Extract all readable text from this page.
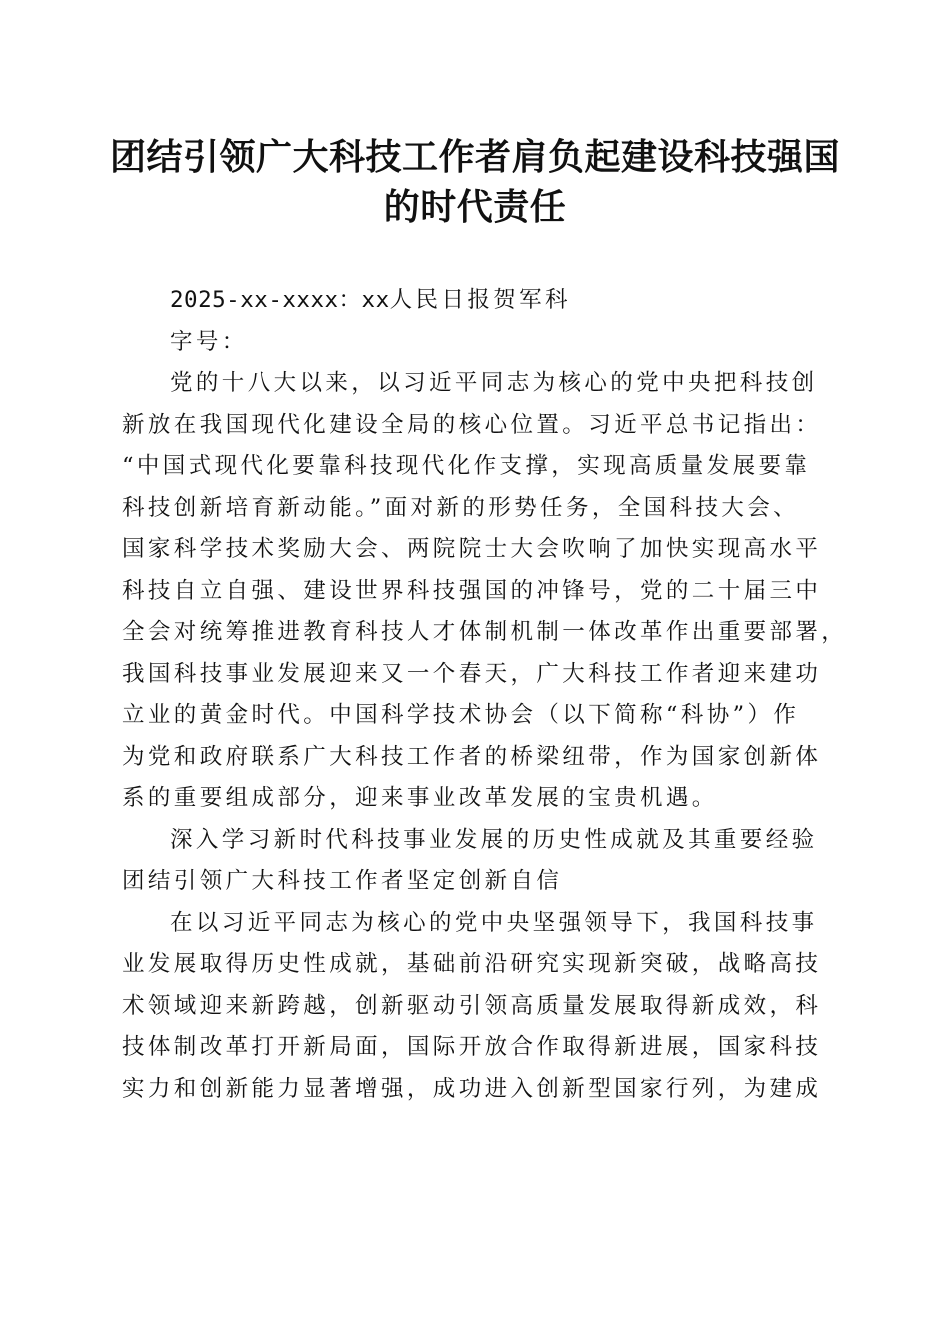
团结引领广大科技工作者肩负起建设科技强国
的时代责任
2025-xx-xxxx：xx人民日报贺军科
字号：
党的十八大以来，以习近平同志为核心的党中央把科技创
新放在我国现代化建设全局的核心位置。习近平总书记指出：
“中国式现代化要靠科技现代化作支撑，实现高质量发展要靠
科技创新培育新动能。”面对新的形势任务，全国科技大会、
国家科学技术奖励大会、两院院士大会吹响了加快实现高水平
科技自立自强、建设世界科技强国的冲锋号，党的二十届三中
全会对统筹推进教育科技人才体制机制一体改革作出重要部署，
我国科技事业发展迎来又一个春天，广大科技工作者迎来建功
立业的黄金时代。中国科学技术协会（以下简称“科协”）作
为党和政府联系广大科技工作者的桥梁纽带，作为国家创新体
系的重要组成部分，迎来事业改革发展的宝贵机遇。
深入学习新时代科技事业发展的历史性成就及其重要经验
团结引领广大科技工作者坚定创新自信
在以习近平同志为核心的党中央坚强领导下，我国科技事
业发展取得历史性成就，基础前沿研究实现新突破，战略高技
术领域迎来新跨越，创新驱动引领高质量发展取得新成效，科
技体制改革打开新局面，国际开放合作取得新进展，国家科技
实力和创新能力显著增强，成功进入创新型国家行列，为建成
